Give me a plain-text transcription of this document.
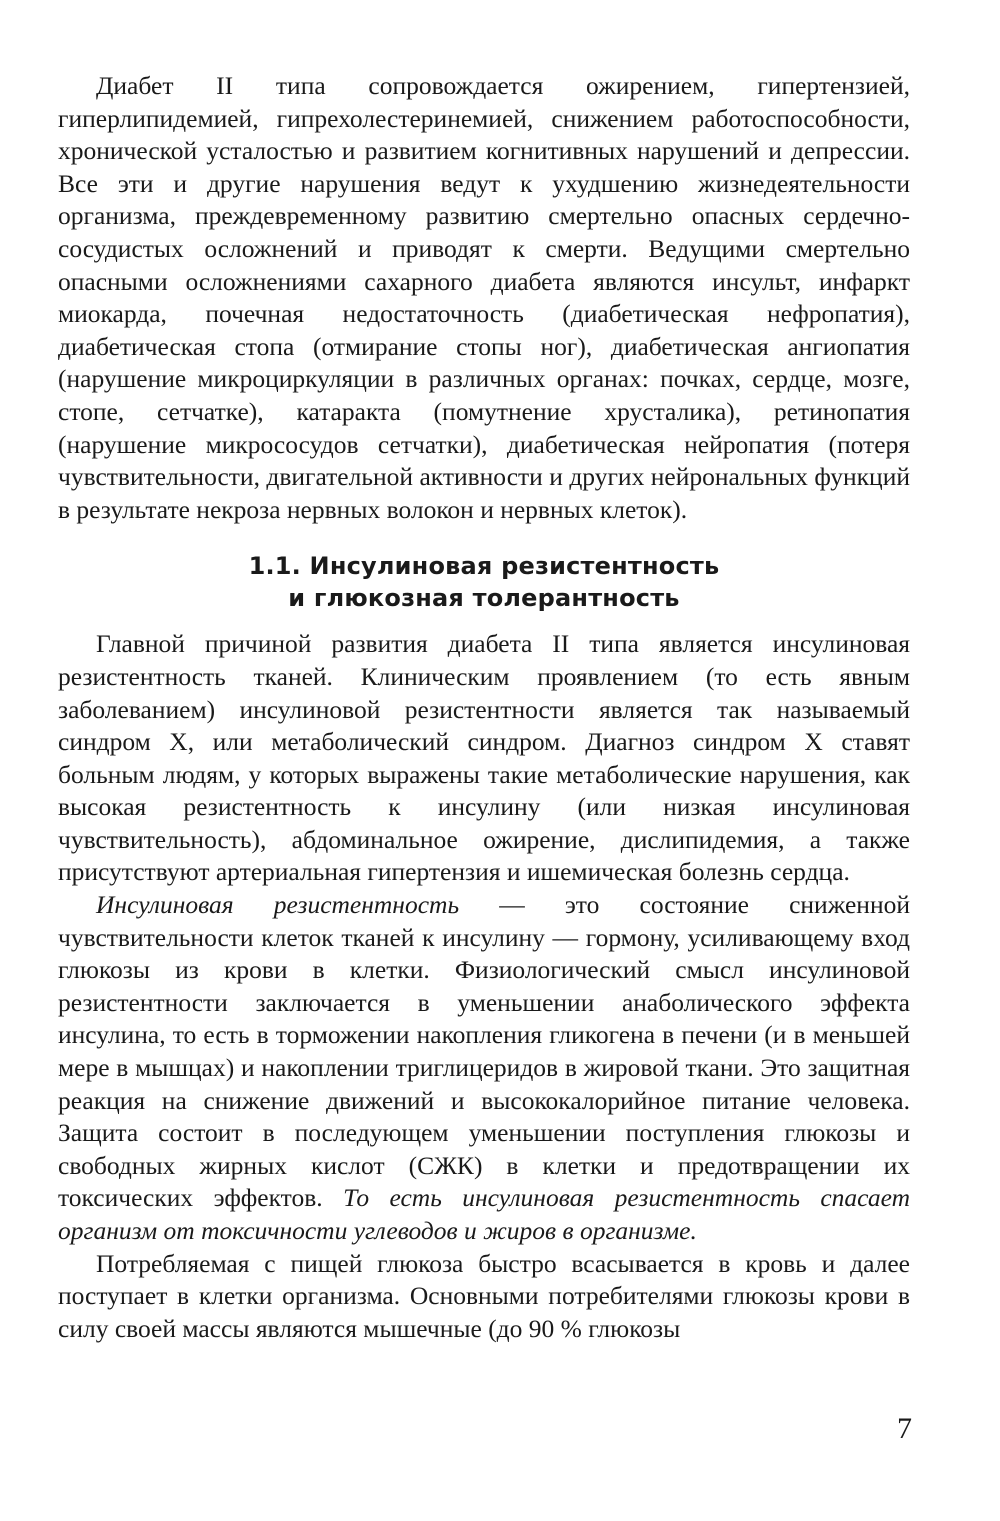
Диабет II типа сопровождается ожирением, гипертензией, гиперлипидемией, гипрехолестеринемией, снижением работоспособности, хронической усталостью и развитием когнитивных нарушений и депрессии. Все эти и другие нарушения ведут к ухудшению жизнедеятельности организма, преждевременному развитию смертельно опасных сердечно-сосудистых осложнений и приводят к смерти. Ведущими смертельно опасными осложнениями сахарного диабета являются инсульт, инфаркт миокарда, почечная недостаточность (диабетическая нефропатия), диабетическая стопа (отмирание стопы ног), диабетическая ангиопатия (нарушение микроциркуляции в различных органах: почках, сердце, мозге, стопе, сетчатке), катаракта (помутнение хрусталика), ретинопатия (нарушение микрососудов сетчатки), диабетическая нейропатия (потеря чувствительности, двигательной активности и других нейрональных функций в результате некроза нервных волокон и нервных клеток).

1.1. Инсулиновая резистентность
и глюкозная толерантность

Главной причиной развития диабета II типа является инсулиновая резистентность тканей. Клиническим проявлением (то есть явным заболеванием) инсулиновой резистентности является так называемый синдром X, или метаболический синдром. Диагноз синдром X ставят больным людям, у которых выражены такие метаболические нарушения, как высокая резистентность к инсулину (или низкая инсулиновая чувствительность), абдоминальное ожирение, дислипидемия, а также присутствуют артериальная гипертензия и ишемическая болезнь сердца.

Инсулиновая резистентность — это состояние сниженной чувствительности клеток тканей к инсулину — гормону, усиливающему вход глюкозы из крови в клетки. Физиологический смысл инсулиновой резистентности заключается в уменьшении анаболического эффекта инсулина, то есть в торможении накопления гликогена в печени (и в меньшей мере в мышцах) и накоплении триглицеридов в жировой ткани. Это защитная реакция на снижение движений и высококалорийное питание человека. Защита состоит в последующем уменьшении поступления глюкозы и свободных жирных кислот (СЖК) в клетки и предотвращении их токсических эффектов. То есть инсулиновая резистентность спасает организм от токсичности углеводов и жиров в организме.

Потребляемая с пищей глюкоза быстро всасывается в кровь и далее поступает в клетки организма. Основными потребителями глюкозы крови в силу своей массы являются мышечные (до 90 % глюкозы

7
